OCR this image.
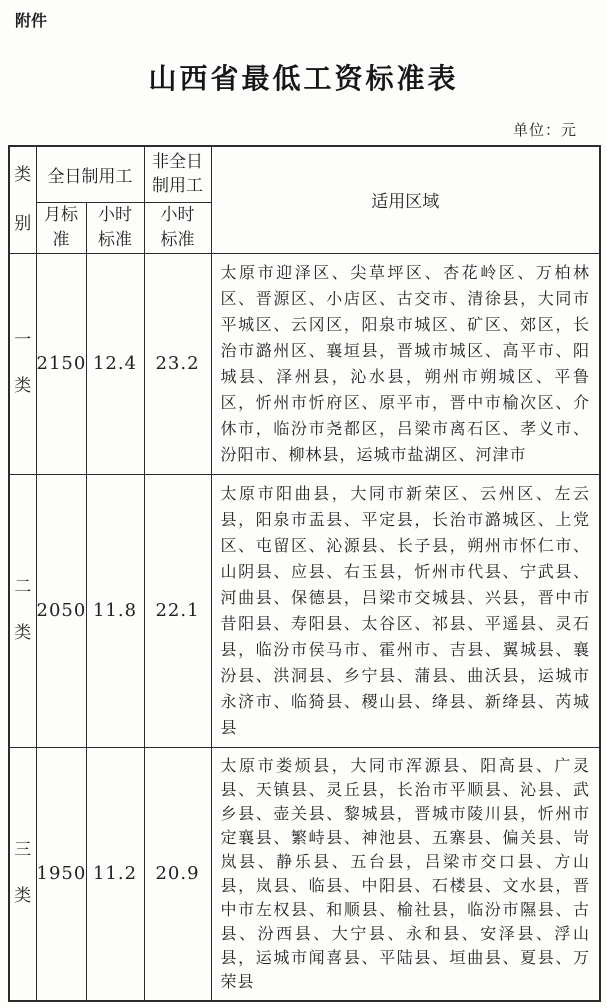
附件
山西省最低工资标准表
单位：元
类别	全日制用工		非全日制用工	适用区域
	月标准	小时标准	小时标准	
一类	2150	12.4	23.2	太原市迎泽区、尖草坪区、杏花岭区、万柏林区、晋源区、小店区、古交市、清徐县，大同市平城区、云冈区，阳泉市城区、矿区、郊区，长治市潞州区、襄垣县，晋城市城区、高平市、阳城县、泽州县，沁水县，朔州市朔城区、平鲁区，忻州市忻府区、原平市，晋中市榆次区、介休市，临汾市尧都区，吕梁市离石区、孝义市、汾阳市、柳林县，运城市盐湖区、河津市
二类	2050	11.8	22.1	太原市阳曲县，大同市新荣区、云州区、左云县，阳泉市盂县、平定县，长治市潞城区、上党区、屯留区、沁源县、长子县，朔州市怀仁市、山阴县、应县、右玉县，忻州市代县、宁武县、河曲县、保德县，吕梁市交城县、兴县，晋中市昔阳县、寿阳县、太谷区、祁县、平遥县、灵石县，临汾市侯马市、霍州市、吉县、翼城县、襄汾县、洪洞县、乡宁县、蒲县、曲沃县，运城市永济市、临猗县、稷山县、绛县、新绛县、芮城县
三类	1950	11.2	20.9	太原市娄烦县，大同市浑源县、阳高县、广灵县、天镇县、灵丘县，长治市平顺县、沁县、武乡县、壶关县、黎城县，晋城市陵川县，忻州市定襄县、繁峙县、神池县、五寨县、偏关县、岢岚县、静乐县、五台县，吕梁市交口县、方山县，岚县、临县、中阳县、石楼县、文水县，晋中市左权县、和顺县、榆社县，临汾市隰县、古县、汾西县、大宁县、永和县、安泽县、浮山县，运城市闻喜县、平陆县、垣曲县、夏县、万荣县
